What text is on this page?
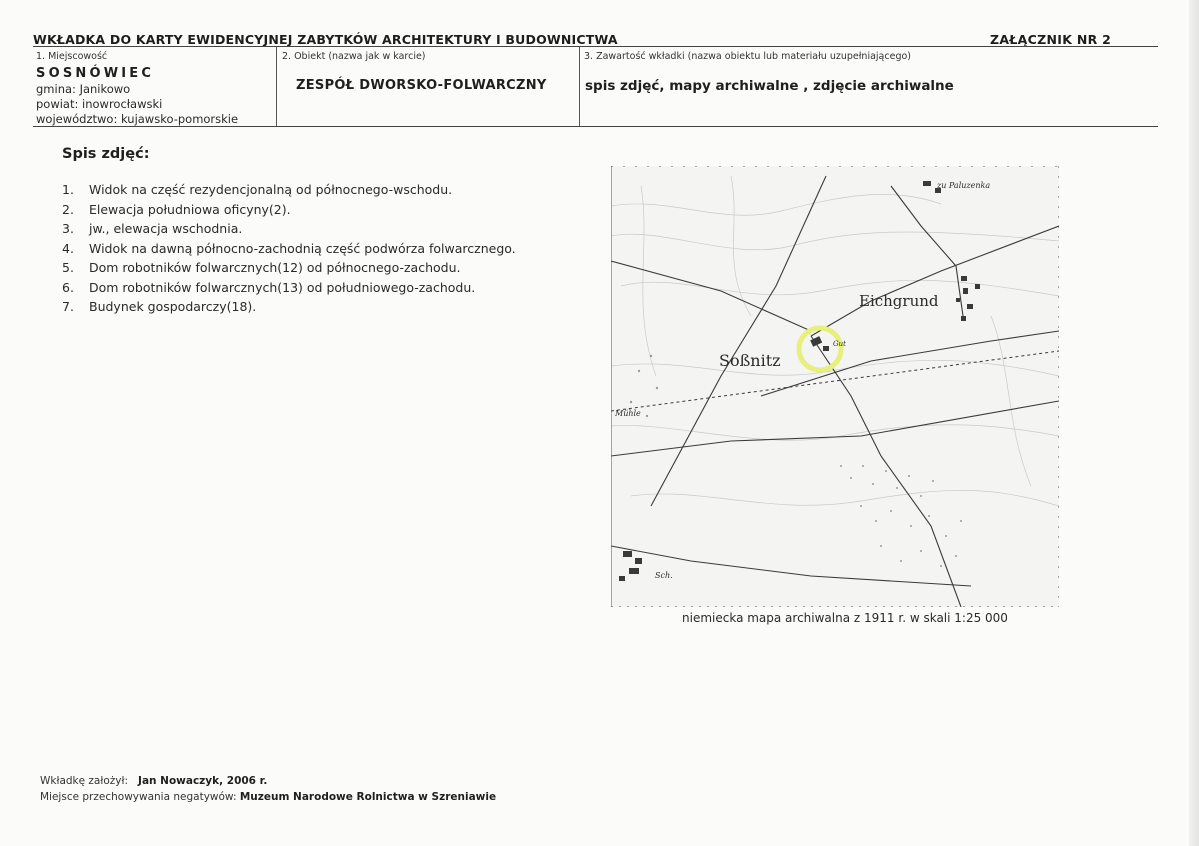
WKŁADKA DO KARTY EWIDENCYJNEJ ZABYTKÓW ARCHITEKTURY I BUDOWNICTWA	ZAŁĄCZNIK NR 2
1. Miejscowość
SOSNÓWIEC
gmina: Janikowo
powiat: inowrocławski
województwo: kujawsko-pomorskie
2. Obiekt (nazwa jak w karcie)
ZESPÓŁ DWORSKO-FOLWARCZNY
3. Zawartość wkładki (nazwa obiektu lub materiału uzupełniającego)
spis zdjęć, mapy archiwalne , zdjęcie archiwalne
Spis zdjęć:
1. Widok na część rezydencjonalną od północnego-wschodu.
2. Elewacja południowa oficyny(2).
3. jw., elewacja wschodnia.
4. Widok na dawną północno-zachodnią część podwórza folwarcznego.
5. Dom robotników folwarcznych(12) od północnego-zachodu.
6. Dom robotników folwarcznych(13) od południowego-zachodu.
7. Budynek gospodarczy(18).
Soßnitz
Eichgrund
Gut
zu Paluzenka
Mühle
Sch.
niemiecka mapa archiwalna z 1911 r. w skali 1:25 000
Wkładkę założył: Jan Nowaczyk, 2006 r.
Miejsce przechowywania negatywów: Muzeum Narodowe Rolnictwa w Szreniawie
